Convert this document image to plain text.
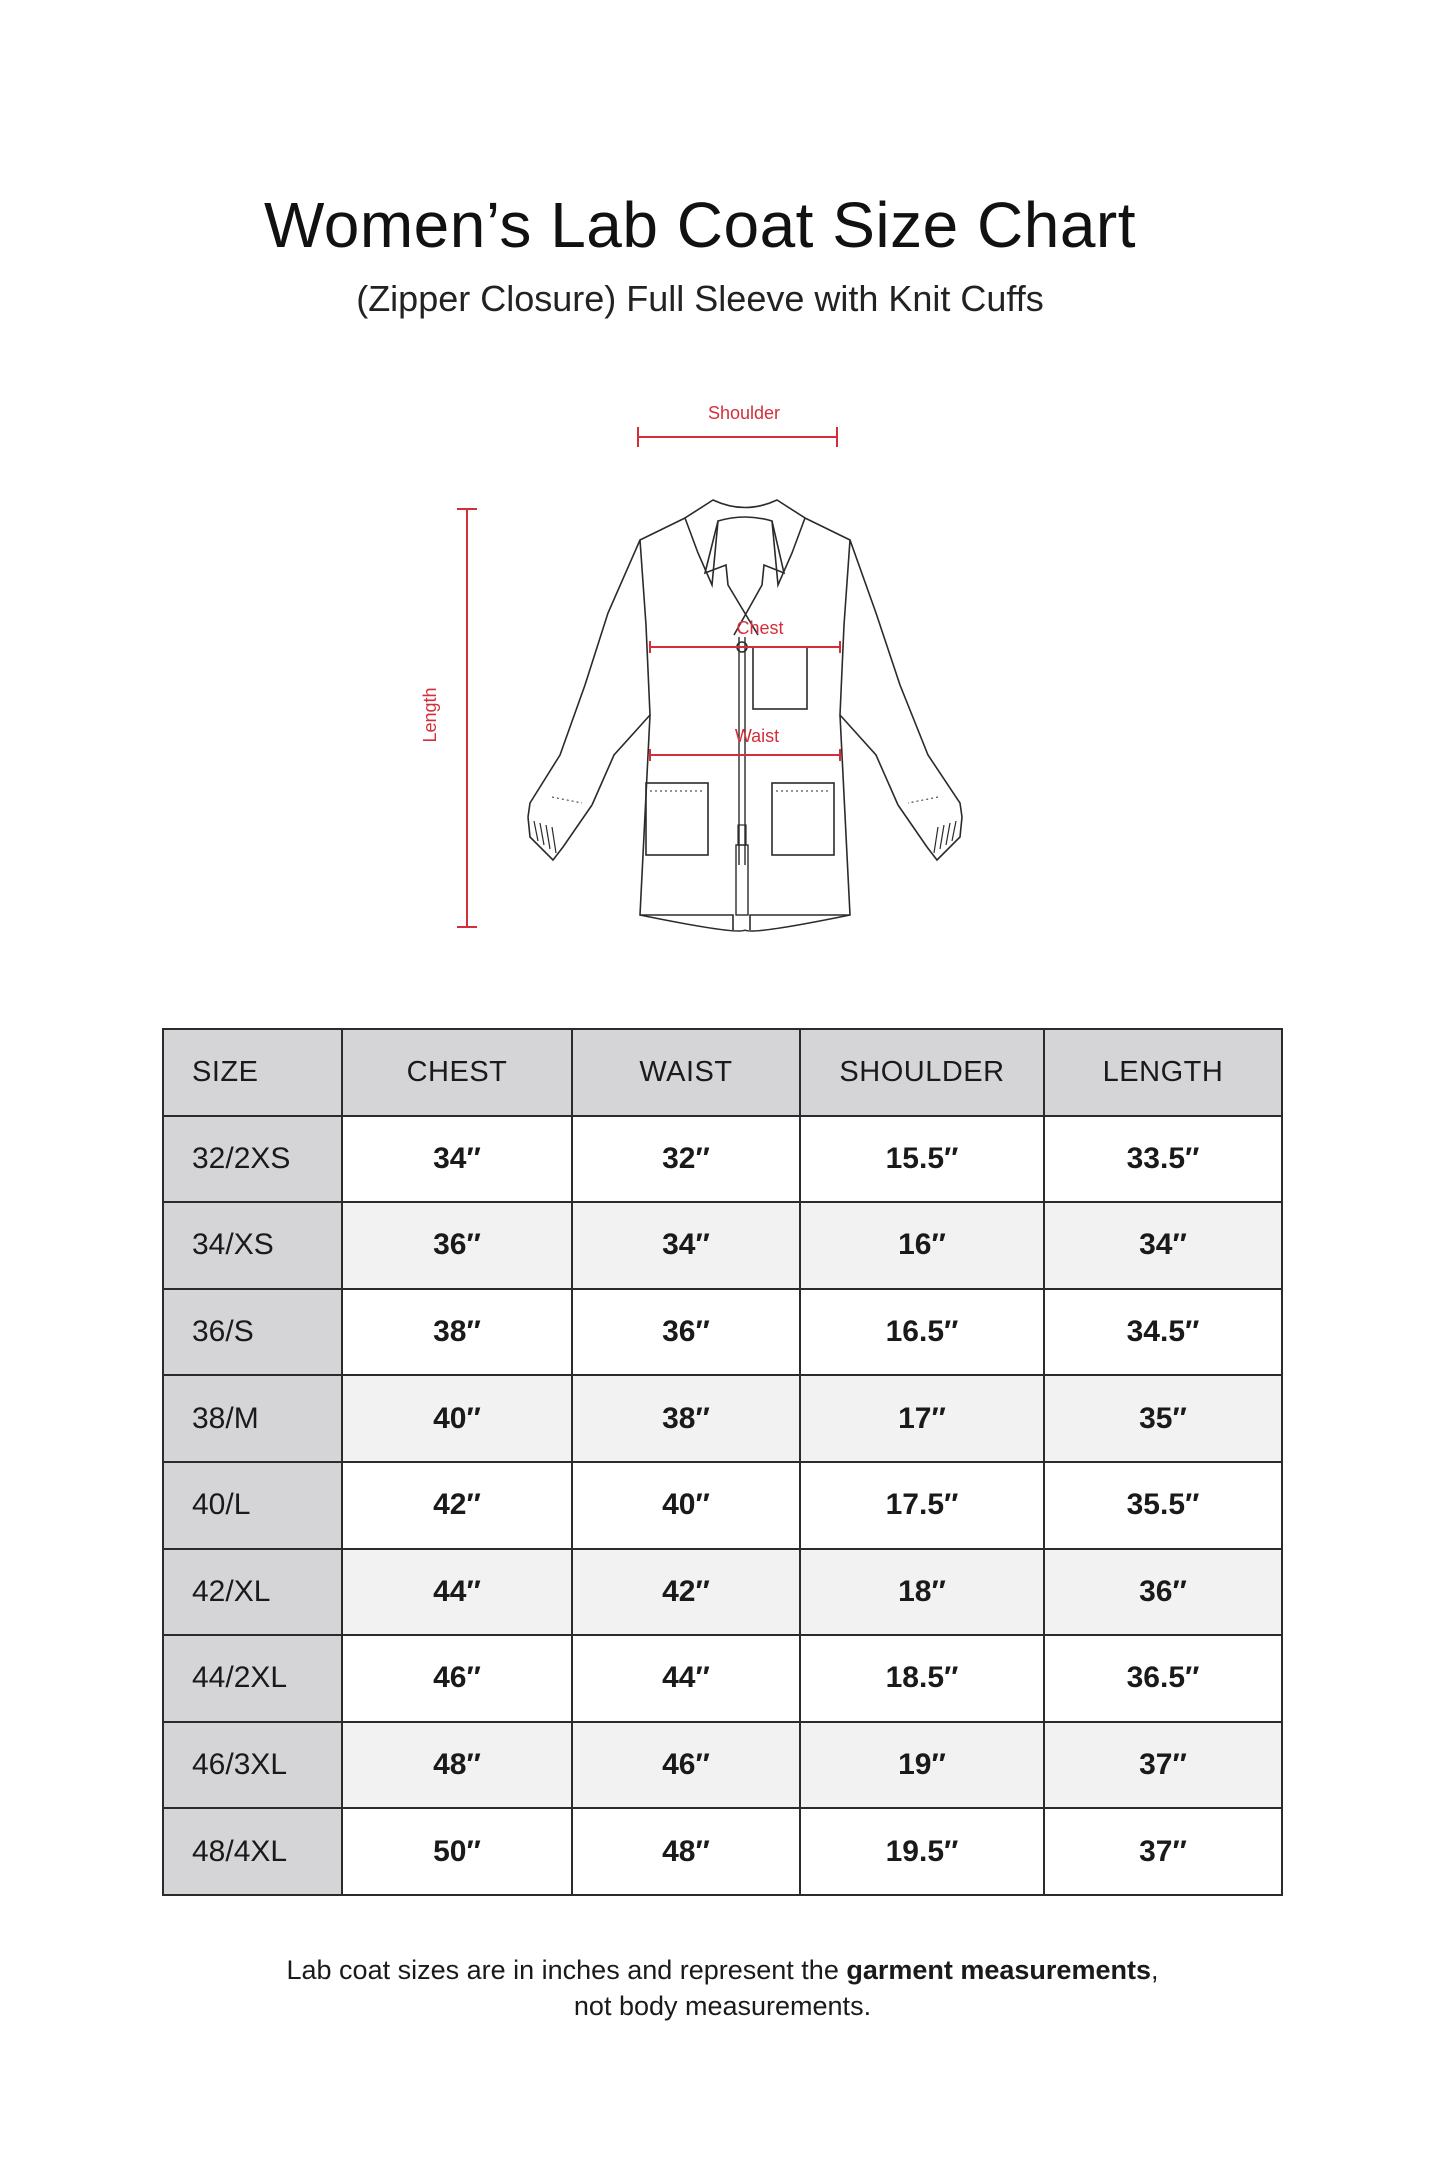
Women’s Lab Coat Size Chart
(Zipper Closure) Full Sleeve with Knit Cuffs
Shoulder
Length
Chest
Waist
SIZE	CHEST	WAIST	SHOULDER	LENGTH
32/2XS	34″	32″	15.5″	33.5″
34/XS	36″	34″	16″	34″
36/S	38″	36″	16.5″	34.5″
38/M	40″	38″	17″	35″
40/L	42″	40″	17.5″	35.5″
42/XL	44″	42″	18″	36″
44/2XL	46″	44″	18.5″	36.5″
46/3XL	48″	46″	19″	37″
48/4XL	50″	48″	19.5″	37″
Lab coat sizes are in inches and represent the garment measurements,
not body measurements.
